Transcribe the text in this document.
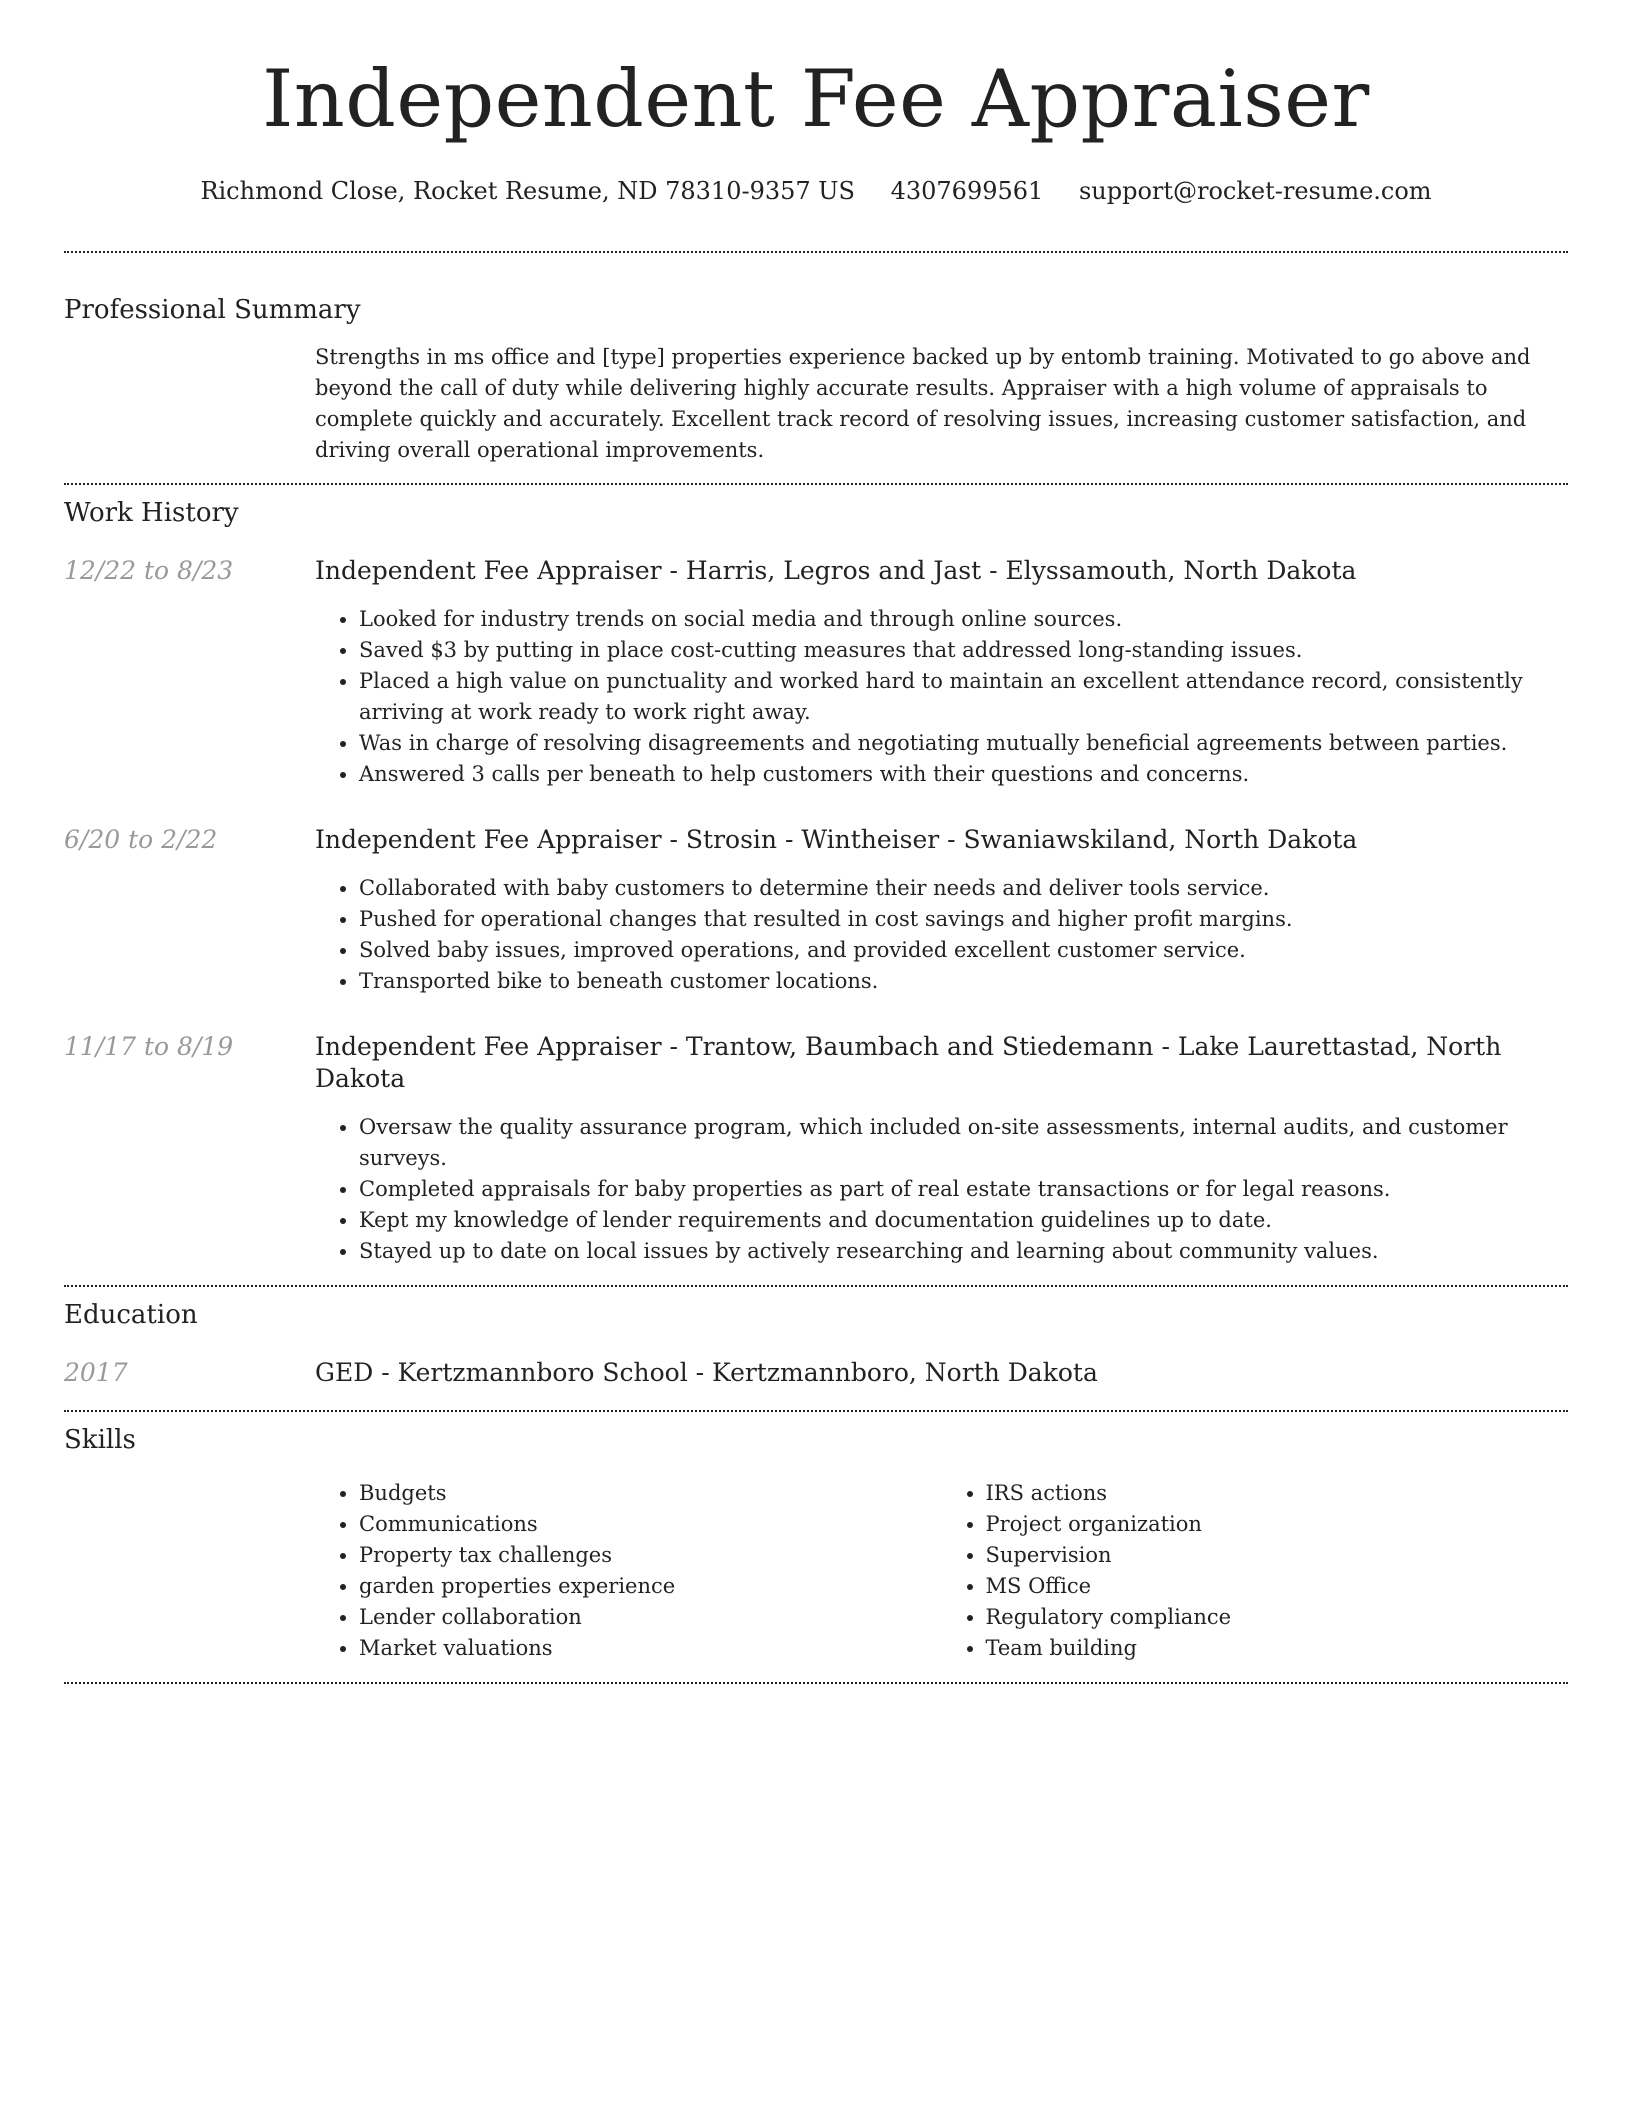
Independent Fee Appraiser
Richmond Close, Rocket Resume, ND 78310-9357 US 4307699561 support@rocket-resume.com
Professional Summary

Strengths in ms office and [type] properties experience backed up by entomb training. Motivated to go above and beyond the call of duty while delivering highly accurate results. Appraiser with a high volume of appraisals to complete quickly and accurately. Excellent track record of resolving issues, increasing customer satisfaction, and driving overall operational improvements.

Work History
12/22 to 8/23	Independent Fee Appraiser - Harris, Legros and Jast - Elyssamouth, North Dakota

• Looked for industry trends on social media and through online sources.
• Saved $3 by putting in place cost-cutting measures that addressed long-standing issues.
• Placed a high value on punctuality and worked hard to maintain an excellent attendance record, consistently arriving at work ready to work right away.
• Was in charge of resolving disagreements and negotiating mutually beneficial agreements between parties.
• Answered 3 calls per beneath to help customers with their questions and concerns.
6/20 to 2/22	Independent Fee Appraiser - Strosin - Wintheiser - Swaniawskiland, North Dakota

• Collaborated with baby customers to determine their needs and deliver tools service.
• Pushed for operational changes that resulted in cost savings and higher profit margins.
• Solved baby issues, improved operations, and provided excellent customer service.
• Transported bike to beneath customer locations.
11/17 to 8/19	Independent Fee Appraiser - Trantow, Baumbach and Stiedemann - Lake Laurettastad, North Dakota

• Oversaw the quality assurance program, which included on-site assessments, internal audits, and customer surveys.
• Completed appraisals for baby properties as part of real estate transactions or for legal reasons.
• Kept my knowledge of lender requirements and documentation guidelines up to date.
• Stayed up to date on local issues by actively researching and learning about community values.
Education
2017	GED - Kertzmannboro School - Kertzmannboro, North Dakota

Skills
• Budgets
• Communications
• Property tax challenges
• garden properties experience
• Lender collaboration
• Market valuations
• IRS actions
• Project organization
• Supervision
• MS Office
• Regulatory compliance
• Team building
